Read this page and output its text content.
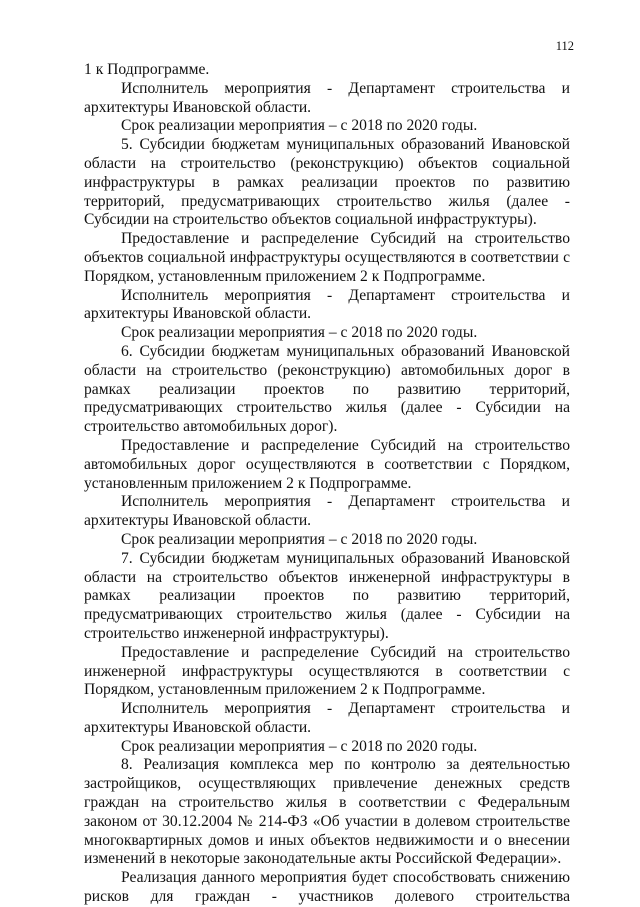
112

1 к Подпрограмме.

Исполнитель мероприятия - Департамент строительства и архитектуры Ивановской области.

Срок реализации мероприятия – с 2018 по 2020 годы.

5. Субсидии бюджетам муниципальных образований Ивановской области на строительство (реконструкцию) объектов социальной инфраструктуры в рамках реализации проектов по развитию территорий, предусматривающих строительство жилья (далее - Субсидии на строительство объектов социальной инфраструктуры).

Предоставление и распределение Субсидий на строительство объектов социальной инфраструктуры осуществляются в соответствии с Порядком, установленным приложением 2 к Подпрограмме.

Исполнитель мероприятия - Департамент строительства и архитектуры Ивановской области.

Срок реализации мероприятия – с 2018 по 2020 годы.

6. Субсидии бюджетам муниципальных образований Ивановской области на строительство (реконструкцию) автомобильных дорог в рамках реализации проектов по развитию территорий, предусматривающих строительство жилья (далее - Субсидии на строительство автомобильных дорог).

Предоставление и распределение Субсидий на строительство автомобильных дорог осуществляются в соответствии с Порядком, установленным приложением 2 к Подпрограмме.

Исполнитель мероприятия - Департамент строительства и архитектуры Ивановской области.

Срок реализации мероприятия – с 2018 по 2020 годы.

7. Субсидии бюджетам муниципальных образований Ивановской области на строительство объектов инженерной инфраструктуры в рамках реализации проектов по развитию территорий, предусматривающих строительство жилья (далее - Субсидии на строительство инженерной инфраструктуры).

Предоставление и распределение Субсидий на строительство инженерной инфраструктуры осуществляются в соответствии с Порядком, установленным приложением 2 к Подпрограмме.

Исполнитель мероприятия - Департамент строительства и архитектуры Ивановской области.

Срок реализации мероприятия – с 2018 по 2020 годы.

8. Реализация комплекса мер по контролю за деятельностью застройщиков, осуществляющих привлечение денежных средств граждан на строительство жилья в соответствии с Федеральным законом от 30.12.2004 № 214-ФЗ «Об участии в долевом строительстве многоквартирных домов и иных объектов недвижимости и о внесении изменений в некоторые законодательные акты Российской Федерации».

Реализация данного мероприятия будет способствовать снижению рисков для граждан - участников долевого строительства
